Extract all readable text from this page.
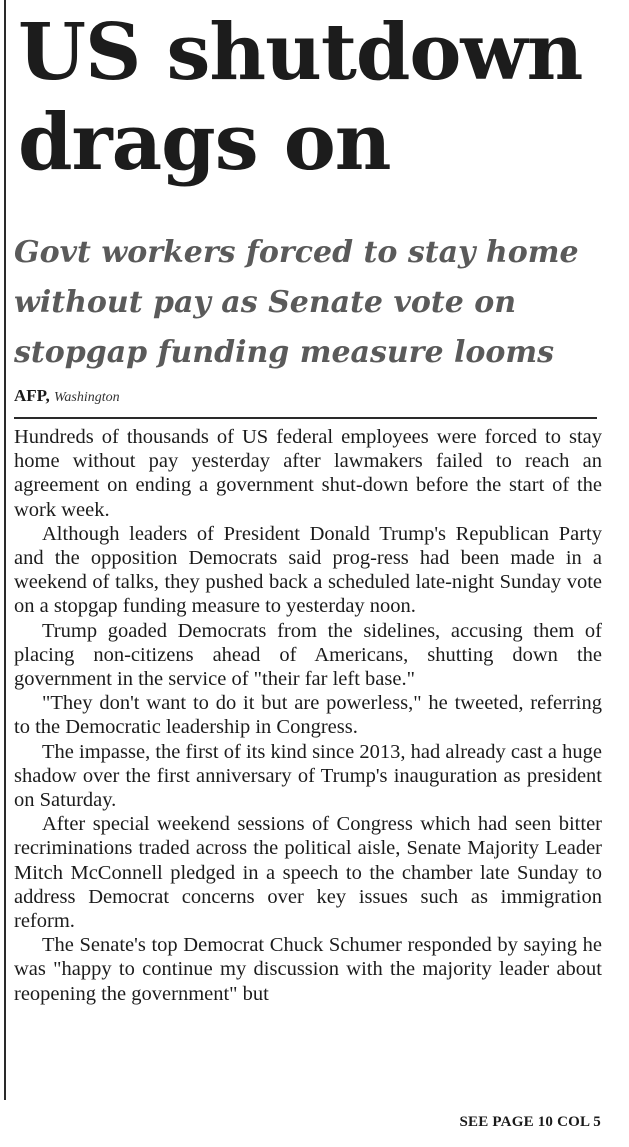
US shutdown
drags on
Govt workers forced to stay home without pay as Senate vote on stopgap funding measure looms
AFP, Washington

Hundreds of thousands of US federal employees were forced to stay home without pay yesterday after lawmakers failed to reach an agreement on ending a government shut-down before the start of the work week.

Although leaders of President Donald Trump's Republican Party and the opposition Democrats said prog-ress had been made in a weekend of talks, they pushed back a scheduled late-night Sunday vote on a stopgap funding measure to yesterday noon.

Trump goaded Democrats from the sidelines, accusing them of placing non-citizens ahead of Americans, shutting down the government in the service of "their far left base."

"They don't want to do it but are powerless," he tweeted, referring to the Democratic leadership in Congress.

The impasse, the first of its kind since 2013, had already cast a huge shadow over the first anniversary of Trump's inauguration as president on Saturday.

After special weekend sessions of Congress which had seen bitter recriminations traded across the political aisle, Senate Majority Leader Mitch McConnell pledged in a speech to the chamber late Sunday to address Democrat concerns over key issues such as immigration reform.

The Senate's top Democrat Chuck Schumer responded by saying he was "happy to continue my discussion with the majority leader about reopening the government" but

SEE PAGE 10 COL 5
